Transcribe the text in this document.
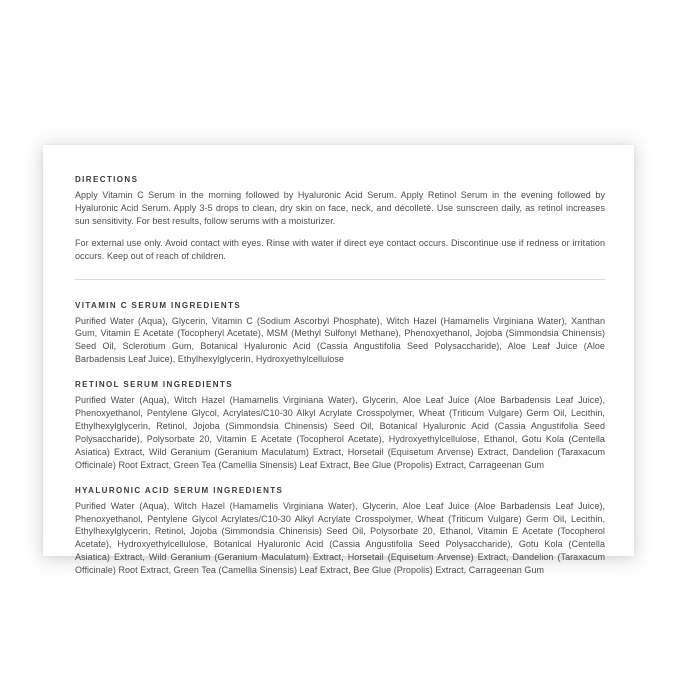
DIRECTIONS

Apply Vitamin C Serum in the morning followed by Hyaluronic Acid Serum. Apply Retinol Serum in the evening followed by Hyaluronic Acid Serum. Apply 3-5 drops to clean, dry skin on face, neck, and décolleté. Use sunscreen daily, as retinol increases sun sensitivity. For best results, follow serums with a moisturizer.

For external use only. Avoid contact with eyes. Rinse with water if direct eye contact occurs. Discontinue use if redness or irritation occurs. Keep out of reach of children.

VITAMIN C SERUM INGREDIENTS

Purified Water (Aqua), Glycerin, Vitamin C (Sodium Ascorbyl Phosphate), Witch Hazel (Hamamelis Virginiana Water), Xanthan Gum, Vitamin E Acetate (Tocopheryl Acetate), MSM (Methyl Sulfonyl Methane), Phenoxyethanol, Jojoba (Simmondsia Chinensis) Seed Oil, Sclerotium Gum, Botanical Hyaluronic Acid (Cassia Angustifolia Seed Polysaccharide), Aloe Leaf Juice (Aloe Barbadensis Leaf Juice), Ethylhexylglycerin, Hydroxyethylcellulose

RETINOL SERUM INGREDIENTS

Purified Water (Aqua), Witch Hazel (Hamamelis Virginiana Water), Glycerin, Aloe Leaf Juice (Aloe Barbadensis Leaf Juice), Phenoxyethanol, Pentylene Glycol, Acrylates/C10-30 Alkyl Acrylate Crosspolymer, Wheat (Triticum Vulgare) Germ Oil, Lecithin, Ethylhexylglycerin, Retinol, Jojoba (Simmondsia Chinensis) Seed Oil, Botanical Hyaluronic Acid (Cassia Angustifolia Seed Polysaccharide), Polysorbate 20, Vitamin E Acetate (Tocopherol Acetate), Hydroxyethylcellulose, Ethanol, Gotu Kola (Centella Asiatica) Extract, Wild Geranium (Geranium Maculatum) Extract, Horsetail (Equisetum Arvense) Extract, Dandelion (Taraxacum Officinale) Root Extract, Green Tea (Camellia Sinensis) Leaf Extract, Bee Glue (Propolis) Extract, Carrageenan Gum

HYALURONIC ACID SERUM INGREDIENTS

Purified Water (Aqua), Witch Hazel (Hamamelis Virginiana Water), Glycerin, Aloe Leaf Juice (Aloe Barbadensis Leaf Juice), Phenoxyethanol, Pentylene Glycol Acrylates/C10-30 Alkyl Acrylate Crosspolymer, Wheat (Triticum Vulgare) Germ Oil, Lecithin, Ethylhexylglycerin, Retinol, Jojoba (Simmondsia Chinensis) Seed Oil, Polysorbate 20, Ethanol, Vitamin E Acetate (Tocopherol Acetate), Hydroxyethylcellulose, Botanical Hyaluronic Acid (Cassia Angustifolia Seed Polysaccharide), Gotu Kola (Centella Asiatica) Extract, Wild Geranium (Geranium Maculatum) Extract, Horsetail (Equisetum Arvense) Extract, Dandelion (Taraxacum Officinale) Root Extract, Green Tea (Camellia Sinensis) Leaf Extract, Bee Glue (Propolis) Extract, Carrageenan Gum
